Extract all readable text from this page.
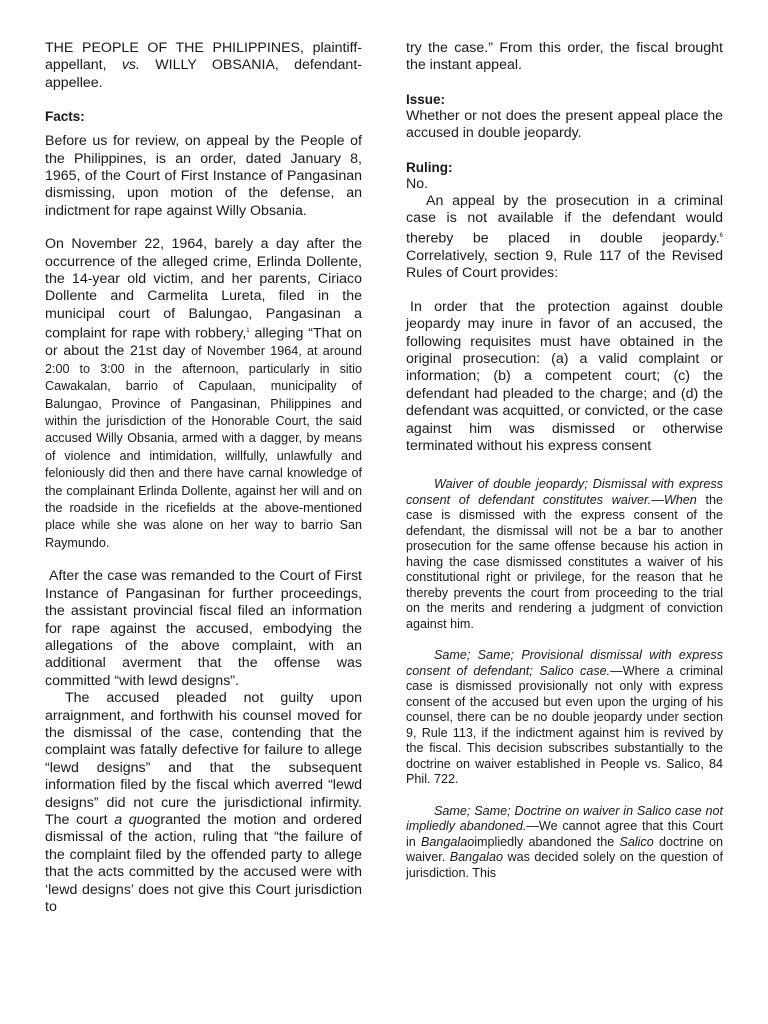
THE PEOPLE OF THE PHILIPPINES, plaintiff-appellant, vs. WILLY OBSANIA, defendant-appellee.

Facts:

Before us for review, on appeal by the People of the Philippines, is an order, dated January 8, 1965, of the Court of First Instance of Pangasinan dismissing, upon motion of the defense, an indictment for rape against Willy Obsania.

On November 22, 1964, barely a day after the occurrence of the alleged crime, Erlinda Dollente, the 14-year old victim, and her parents, Ciriaco Dollente and Carmelita Lureta, filed in the municipal court of Balungao, Pangasinan a complaint for rape with robbery,$^1$ alleging “That on or about the 21st day of November 1964, at around 2:00 to 3:00 in the afternoon, particularly in sitio Cawakalan, barrio of Capulaan, municipality of Balungao, Province of Pangasinan, Philippines and within the jurisdiction of the Honorable Court, the said accused Willy Obsania, armed with a dagger, by means of violence and intimidation, willfully, unlawfully and feloniously did then and there have carnal knowledge of the complainant Erlinda Dollente, against her will and on the roadside in the ricefields at the above-mentioned place while she was alone on her way to barrio San Raymundo.

After the case was remanded to the Court of First Instance of Pangasinan for further proceedings, the assistant provincial fiscal filed an information for rape against the accused, embodying the allegations of the above complaint, with an additional averment that the offense was committed “with lewd designs”.

The accused pleaded not guilty upon arraignment, and forthwith his counsel moved for the dismissal of the case, contending that the complaint was fatally defective for failure to allege “lewd designs” and that the subsequent information filed by the fiscal which averred “lewd designs” did not cure the jurisdictional infirmity. The court a quogranted the motion and ordered dismissal of the action, ruling that “the failure of the complaint filed by the offended party to allege that the acts committed by the accused were with ‘lewd designs’ does not give this Court jurisdiction to

try the case.” From this order, the fiscal brought the instant appeal.

Issue:

Whether or not does the present appeal place the accused in double jeopardy.

Ruling:

No.

An appeal by the prosecution in a criminal case is not available if the defendant would thereby be placed in double jeopardy.$^6$ Correlatively, section 9, Rule 117 of the Revised Rules of Court provides:

In order that the protection against double jeopardy may inure in favor of an accused, the following requisites must have obtained in the original prosecution: (a) a valid complaint or information; (b) a competent court; (c) the defendant had pleaded to the charge; and (d) the defendant was acquitted, or convicted, or the case against him was dismissed or otherwise terminated without his express consent

Waiver of double jeopardy; Dismissal with express consent of defendant constitutes waiver.—When the case is dismissed with the express consent of the defendant, the dismissal will not be a bar to another prosecution for the same offense because his action in having the case dismissed constitutes a waiver of his constitutional right or privilege, for the reason that he thereby prevents the court from proceeding to the trial on the merits and rendering a judgment of conviction against him.

Same; Same; Provisional dismissal with express consent of defendant; Salico case.—Where a criminal case is dismissed provisionally not only with express consent of the accused but even upon the urging of his counsel, there can be no double jeopardy under section 9, Rule 113, if the indictment against him is revived by the fiscal. This decision subscribes substantially to the doctrine on waiver established in People vs. Salico, 84 Phil. 722.

Same; Same; Doctrine on waiver in Salico case not impliedly abandoned.—We cannot agree that this Court in Bangalaoimpliedly abandoned the Salico doctrine on waiver. Bangalao was decided solely on the question of jurisdiction. This
